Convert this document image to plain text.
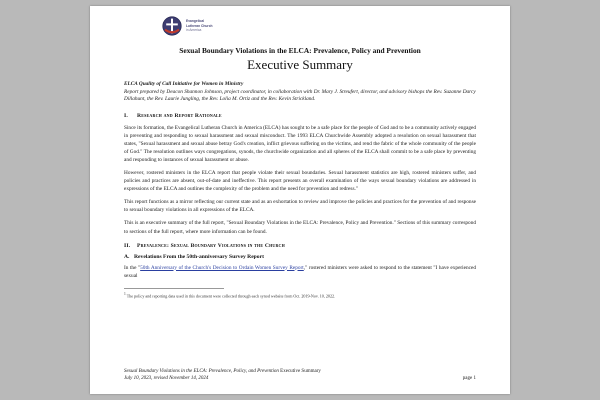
Evangelical
Lutheran Church
in America
Sexual Boundary Violations in the ELCA: Prevalence, Policy and Prevention
Executive Summary
ELCA Quality of Call Initiative for Women in Ministry
Report prepared by Deacon Shannon Johnson, project coordinator, in collaboration with Dr. Mary J. Streufert, director, and advisory bishops the Rev. Suzanne Darcy Dillahunt, the Rev. Laurie Jungling, the Rev. Lolia M. Ortiz and the Rev. Kevin Strickland.
I. Research and Report Rationale

Since its formation, the Evangelical Lutheran Church in America (ELCA) has sought to be a safe place for the people of God and to be a community actively engaged in preventing and responding to sexual harassment and sexual misconduct. The 1993 ELCA Churchwide Assembly adopted a resolution on sexual harassment that states, "Sexual harassment and sexual abuse betray God's creation, inflict grievous suffering on the victims, and rend the fabric of the whole community of the people of God." The resolution outlines ways congregations, synods, the churchwide organization and all spheres of the ELCA shall commit to be a safe place by preventing and responding to instances of sexual harassment or abuse.

However, rostered ministers in the ELCA report that people violate their sexual boundaries. Sexual harassment statistics are high, rostered ministers suffer, and policies and practices are absent, out-of-date and ineffective. This report presents an overall examination of the ways sexual boundary violations are addressed in expressions of the ELCA and outlines the complexity of the problem and the need for prevention and redress."

This report functions as a mirror reflecting our current state and as an exhortation to review and improve the policies and practices for the prevention of and response to sexual boundary violations in all expressions of the ELCA.

This is an executive summary of the full report, "Sexual Boundary Violations in the ELCA: Prevalence, Policy and Prevention." Sections of this summary correspond to sections of the full report, where more information can be found.

II. Prevalence: Sexual Boundary Violations in the Church
A. Revelations From the 50th-anniversary Survey Report

In the "50th Anniversary of the Church's Decision to Ordain Women Survey Report," rostered ministers were asked to respond to the statement "I have experienced sexual

$^1$ The policy and reporting data used in this document were collected through each synod website from Oct. 2019-Nov. 10, 2022.
Sexual Boundary Violations in the ELCA: Prevalence, Policy, and Prevention Executive Summary
July 10, 2023, revised November 14, 2024
	page 1
